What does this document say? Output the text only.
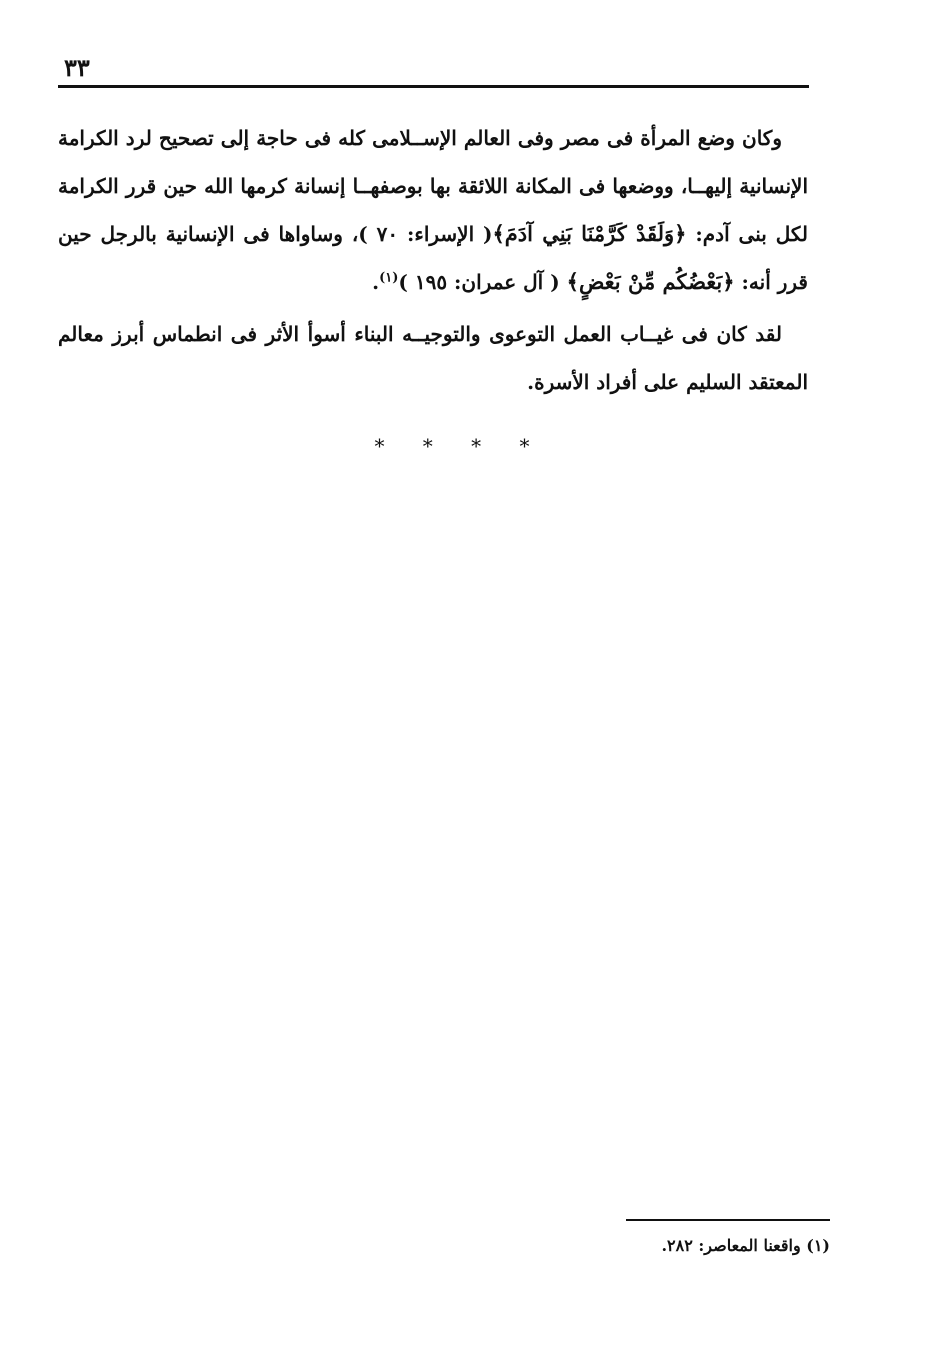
٣٣

وكان وضع المرأة فى مصر وفى العالم الإســلامى كله فى حاجة إلى تصحيح لرد الكرامة الإنسانية إليهــا، ووضعها فى المكانة اللائقة بها بوصفهــا إنسانة كرمها الله حين قرر الكرامة لكل بنى آدم: ﴿وَلَقَدْ كَرَّمْنَا بَنِي آدَمَ﴾( الإسراء: ٧٠ )، وساواها فى الإنسانية بالرجل حين قرر أنه: ﴿بَعْضُكُم مِّنْ بَعْضٍ﴾ ( آل عمران: ١٩٥ )$^{(١)}$.

لقد كان فى غيــاب العمل التوعوى والتوجيــه البناء أسوأ الأثر فى انطماس أبرز معالم المعتقد السليم على أفراد الأسرة.

* * * *
(١) واقعنا المعاصر: ٢٨٢.
